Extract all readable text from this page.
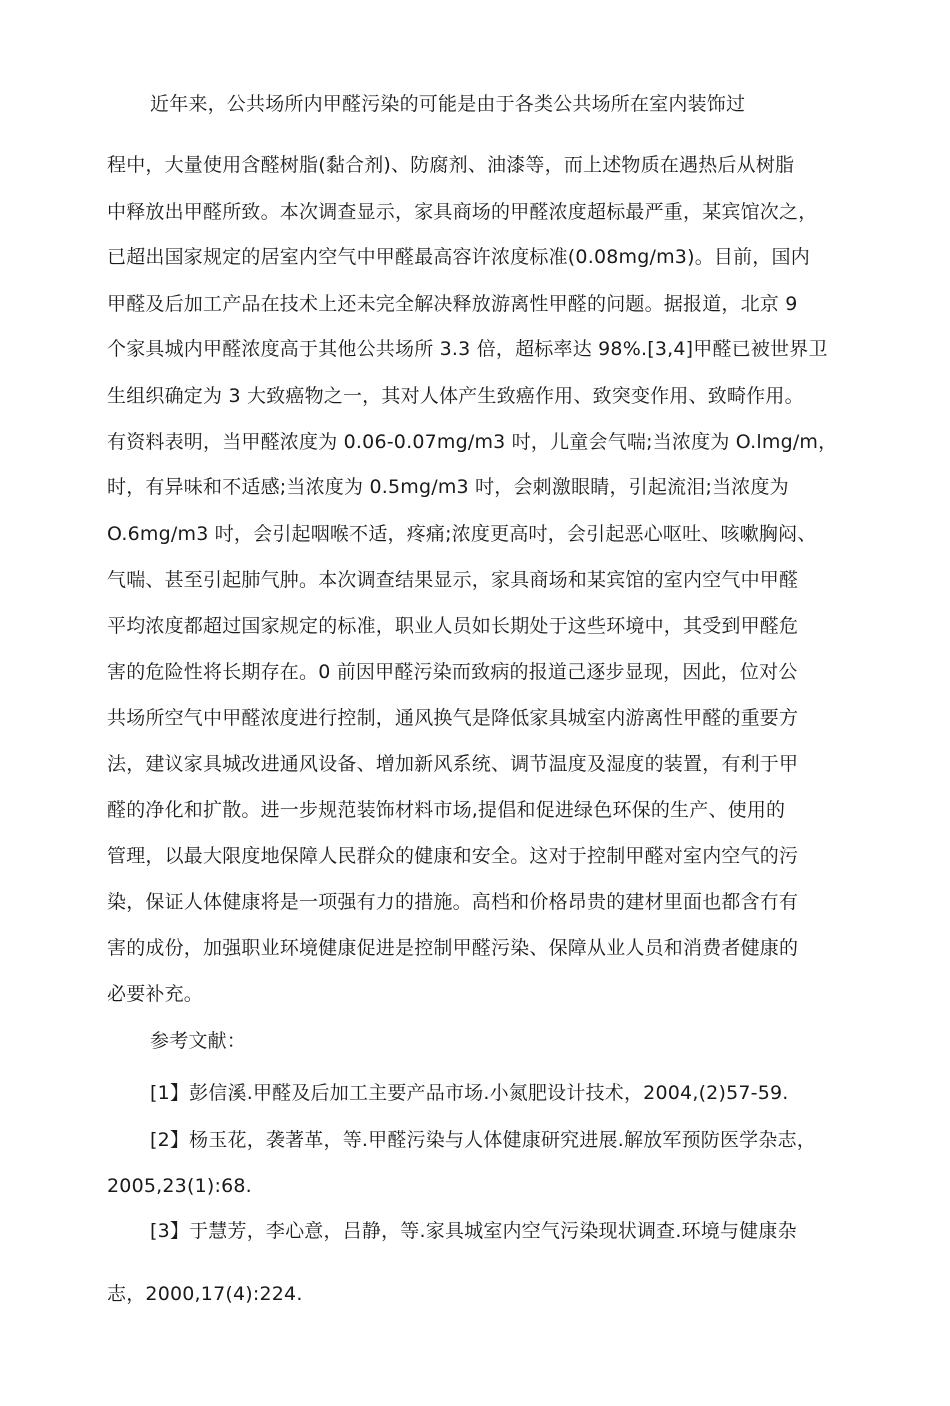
近年来，公共场所内甲醛污染的可能是由于各类公共场所在室内装饰过
程中，大量使用含醛树脂(黏合剂)、防腐剂、油漆等，而上述物质在遇热后从树脂
中释放出甲醛所致。本次调查显示，家具商场的甲醛浓度超标最严重，某宾馆次之，
已超出国家规定的居室内空气中甲醛最高容许浓度标准(0.08mg/m3)。目前，国内
甲醛及后加工产品在技术上还未完全解决释放游离性甲醛的问题。据报道，北京 9
个家具城内甲醛浓度高于其他公共场所 3.3 倍，超标率达 98%.[3,4]甲醛已被世界卫
生组织确定为 3 大致癌物之一，其对人体产生致癌作用、致突变作用、致畸作用。
有资料表明，当甲醛浓度为 0.06-0.07mg/m3 吋，儿童会气喘;当浓度为 O.lmg/m，
时，有异味和不适感;当浓度为 0.5mg/m3 吋，会刺激眼睛，引起流泪;当浓度为
O.6mg/m3 吋，会引起咽喉不适，疼痛;浓度更高吋，会引起恶心呕吐、咳嗽胸闷、
气喘、甚至引起肺气肿。本次调查结果显示，家具商场和某宾馆的室内空气中甲醛
平均浓度都超过国家规定的标准，职业人员如长期处于这些环境中，其受到甲醛危
害的危险性将长期存在。0 前因甲醛污染而致病的报道己逐步显现，因此，位对公
共场所空气中甲醛浓度进行控制，通风换气是降低家具城室内游离性甲醛的重要方
法，建议家具城改进通风设备、增加新风系统、调节温度及湿度的装置，有利于甲
醛的净化和扩散。进一步规范装饰材料市场,提倡和促进绿色环保的生产、使用的
管理，以最大限度地保障人民群众的健康和安全。这对于控制甲醛对室内空气的污
染，保证人体健康将是一项强有力的措施。高档和价格昂贵的建材里面也都含冇有
害的成份，加强职业环境健康促进是控制甲醛污染、保障从业人员和消费者健康的
必要补充。
参考文献：
[1】彭信溪.甲醛及后加工主要产品市场.小氮肥设计技术，2004,(2)57-59.
[2】杨玉花，袭著革，等.甲醛污染与人体健康研究进展.解放军预防医学杂志，
2005,23(1):68.
[3】于慧芳，李心意，吕静，等.家具城室内空气污染现状调查.环境与健康杂
志，2000,17(4):224.
